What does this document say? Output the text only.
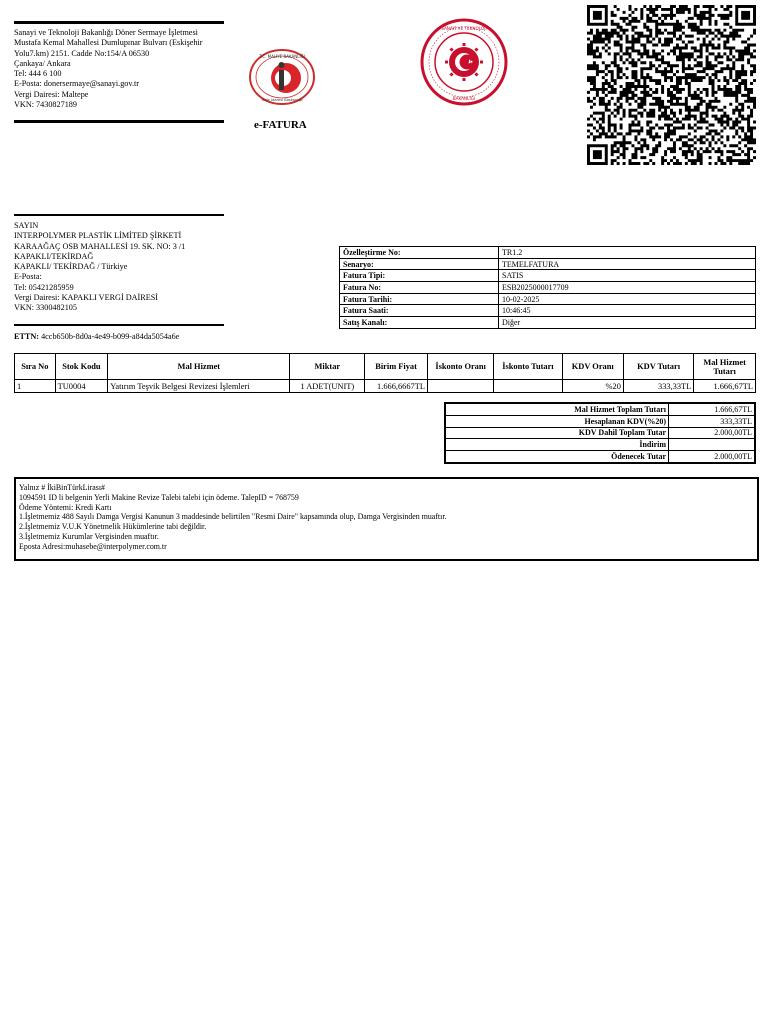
Sanayi ve Teknoloji Bakanlığı Döner Sermaye İşletmesi
Mustafa Kemal Mahallesi Dumlupınar Bulvarı (Eskişehir Yolu7.km) 2151. Cadde No:154/A 06530
Çankaya/ Ankara
Tel: 444 6 100
E-Posta: donersermaye@sanayi.gov.tr
Vergi Dairesi: Maltepe
VKN: 7430827189
T.C. MALİYE BAKANLIĞI
Gelir İdaresi Başkanlığı
e-FATURA
SANAYİ VE TEKNOLOJİ
BAKANLIĞI
SAYIN
INTERPOLYMER PLASTİK LİMİTED ŞİRKETİ
KARAAĞAÇ OSB MAHALLESİ 19. SK. NO: 3 /1
KAPAKLI/TEKİRDAĞ
KAPAKLI/ TEKİRDAĞ / Türkiye
E-Posta:
Tel: 05421285959
Vergi Dairesi: KAPAKLI VERGİ DAİRESİ
VKN: 3300482105
ETTN: 4ccb650b-8d0a-4e49-b099-a84da5054a6e
Özelleştirme No:	TR1.2
Senaryo:	TEMELFATURA
Fatura Tipi:	SATIS
Fatura No:	ESB2025000017709
Fatura Tarihi:	10-02-2025
Fatura Saati:	10:46:45
Satış Kanalı:	Diğer
Sıra No	Stok Kodu	Mal Hizmet	Miktar	Birim Fiyat	İskonto Oranı	İskonto Tutarı	KDV Oranı	KDV Tutarı	Mal Hizmet Tutarı
1	TU0004	Yatırım Teşvik Belgesi Revizesi İşlemleri	1 ADET(UNIT)	1.666,6667TL			%20	333,33TL	1.666,67TL
Mal Hizmet Toplam Tutarı	1.666,67TL
Hesaplanan KDV(%20)	333,33TL
KDV Dahil Toplam Tutar	2.000,00TL
İndirim	
Ödenecek Tutar	2.000,00TL
Yalnız # İkiBinTürkLirası#
1094591 ID li belgenin Yerli Makine Revize Talebi talebi için ödeme. TalepID = 768759
Ödeme Yöntemi: Kredi Kartı
1.İşletmemiz 488 Sayılı Damga Vergisi Kanunun 3 maddesinde belirtilen "Resmi Daire" kapsamında olup, Damga Vergisinden muaftır.
2.İşletmemiz V.U.K Yönetmelik Hükümlerine tabi değildir.
3.İşletmemiz Kurumlar Vergisinden muaftır.
Eposta Adresi:muhasebe@interpolymer.com.tr
